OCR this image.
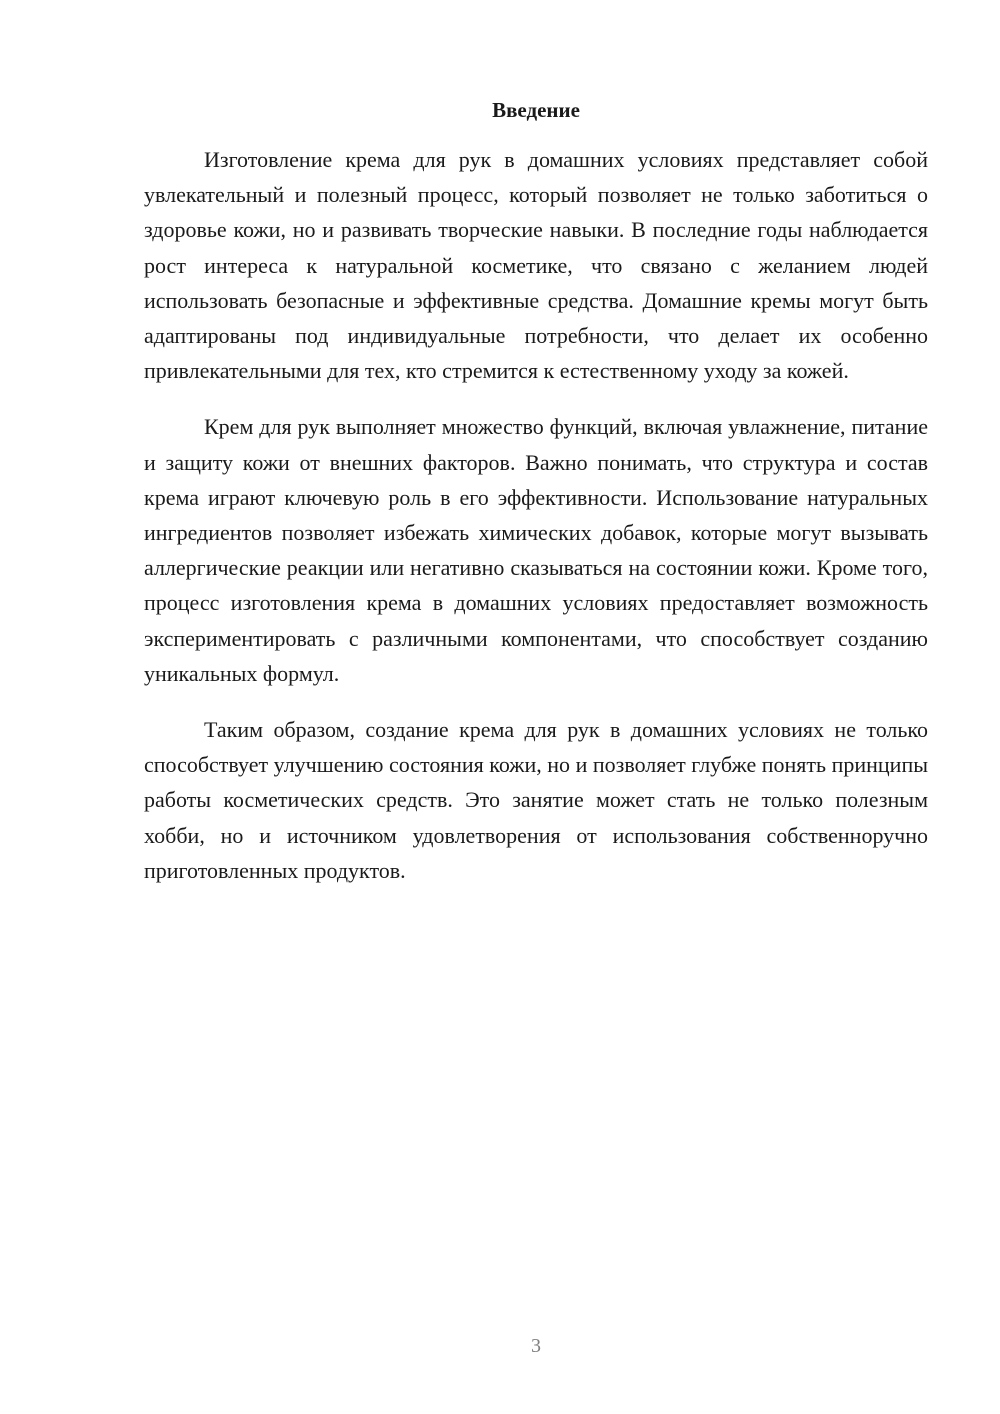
Введение

Изготовление крема для рук в домашних условиях представляет собой увлекательный и полезный процесс, который позволяет не только заботиться о здоровье кожи, но и развивать творческие навыки. В последние годы наблюдается рост интереса к натуральной косметике, что связано с желанием людей использовать безопасные и эффективные средства. Домашние кремы могут быть адаптированы под индивидуальные потребности, что делает их особенно привлекательными для тех, кто стремится к естественному уходу за кожей.

Крем для рук выполняет множество функций, включая увлажнение, питание и защиту кожи от внешних факторов. Важно понимать, что структура и состав крема играют ключевую роль в его эффективности. Использование натуральных ингредиентов позволяет избежать химических добавок, которые могут вызывать аллергические реакции или негативно сказываться на состоянии кожи. Кроме того, процесс изготовления крема в домашних условиях предоставляет возможность экспериментировать с различными компонентами, что способствует созданию уникальных формул.

Таким образом, создание крема для рук в домашних условиях не только способствует улучшению состояния кожи, но и позволяет глубже понять принципы работы косметических средств. Это занятие может стать не только полезным хобби, но и источником удовлетворения от использования собственноручно приготовленных продуктов.

3
